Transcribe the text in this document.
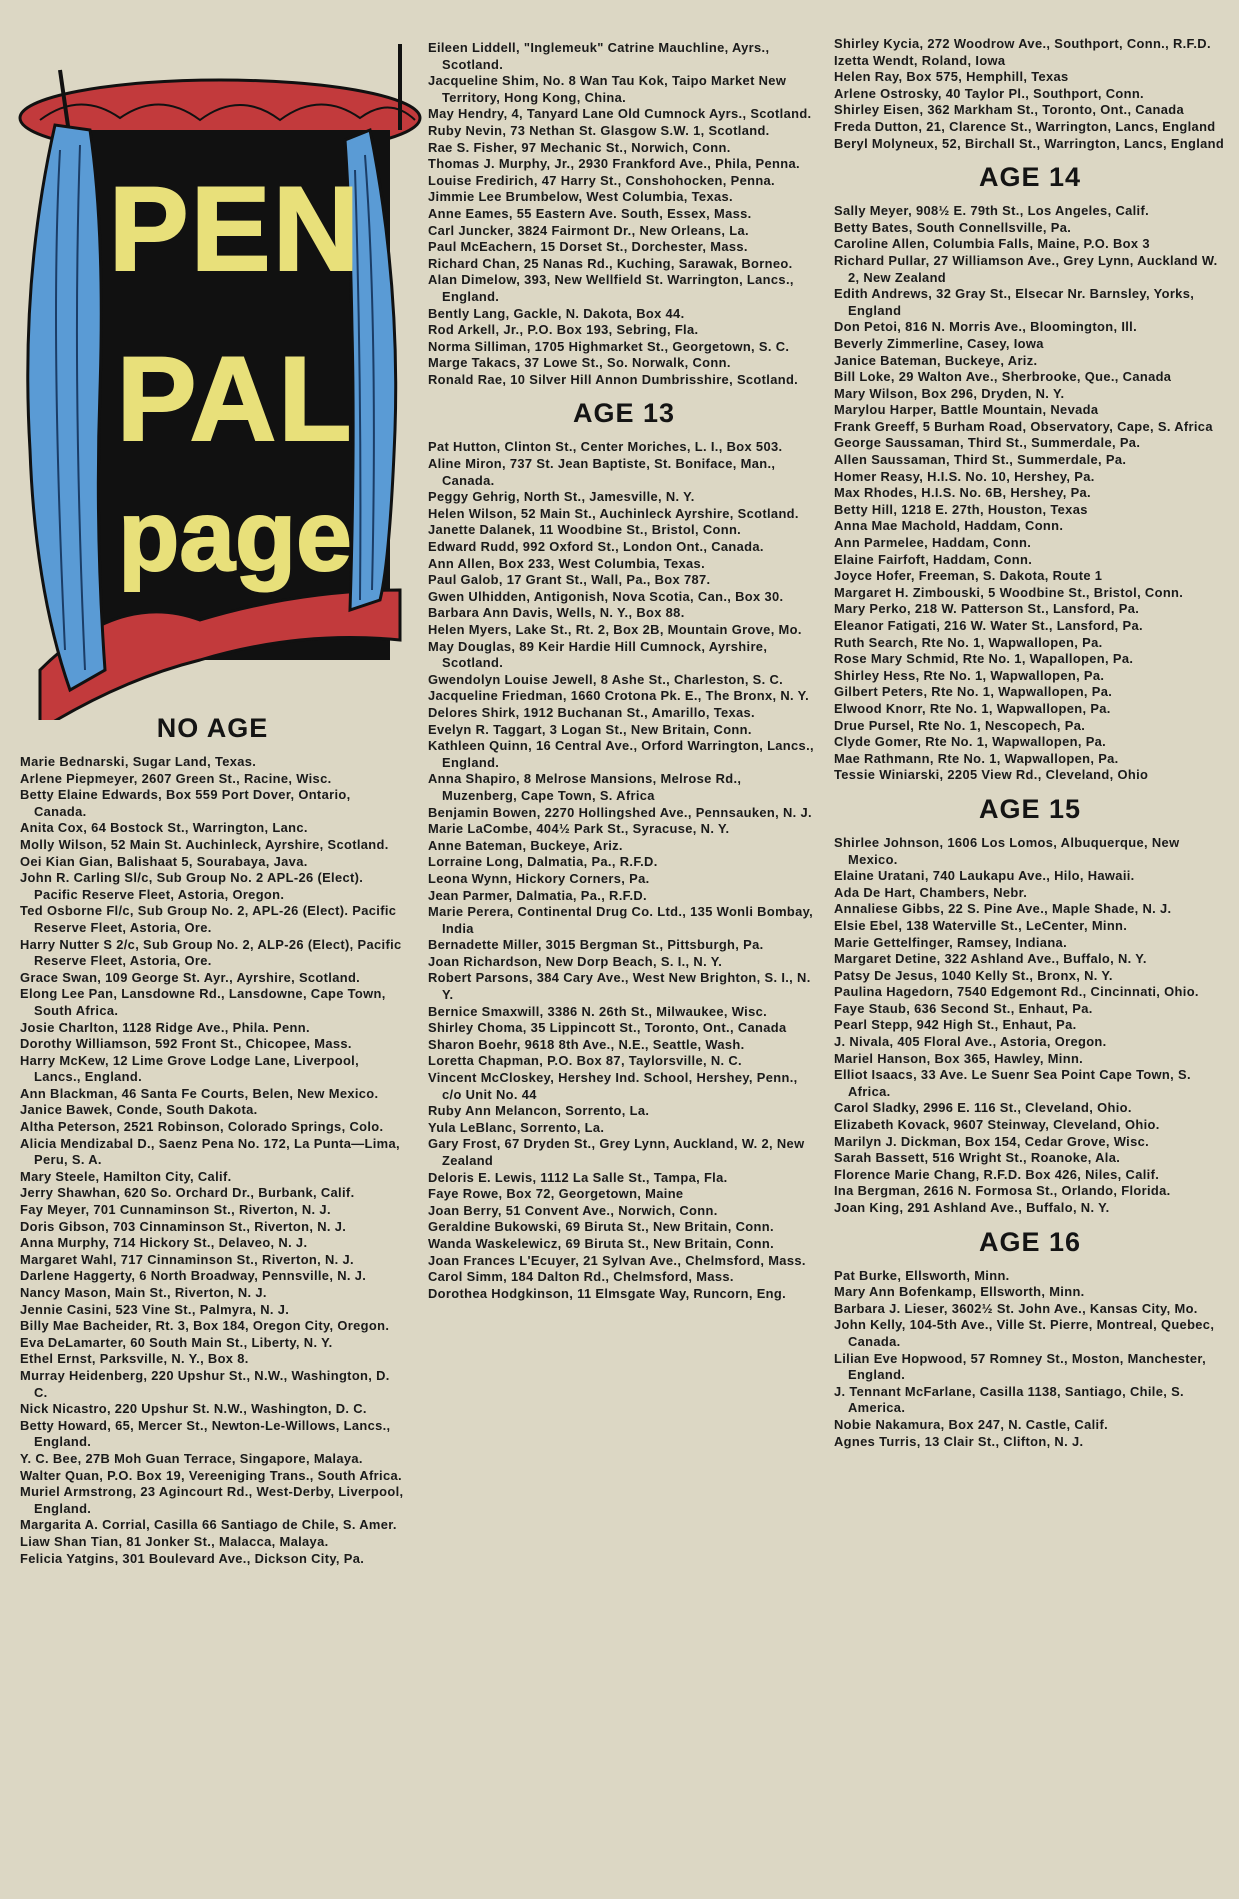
PEN
PAL
page
NO AGE

Marie Bednarski, Sugar Land, Texas.

Arlene Piepmeyer, 2607 Green St., Racine, Wisc.

Betty Elaine Edwards, Box 559 Port Dover, Ontario, Canada.

Anita Cox, 64 Bostock St., Warrington, Lanc.

Molly Wilson, 52 Main St. Auchinleck, Ayrshire, Scotland.

Oei Kian Gian, Balishaat 5, Sourabaya, Java.

John R. Carling Sl/c, Sub Group No. 2 APL-26 (Elect). Pacific Reserve Fleet, Astoria, Oregon.

Ted Osborne Fl/c, Sub Group No. 2, APL-26 (Elect). Pacific Reserve Fleet, Astoria, Ore.

Harry Nutter S 2/c, Sub Group No. 2, ALP-26 (Elect), Pacific Reserve Fleet, Astoria, Ore.

Grace Swan, 109 George St. Ayr., Ayrshire, Scotland.

Elong Lee Pan, Lansdowne Rd., Lansdowne, Cape Town, South Africa.

Josie Charlton, 1128 Ridge Ave., Phila. Penn.

Dorothy Williamson, 592 Front St., Chicopee, Mass.

Harry McKew, 12 Lime Grove Lodge Lane, Liverpool, Lancs., England.

Ann Blackman, 46 Santa Fe Courts, Belen, New Mexico.

Janice Bawek, Conde, South Dakota.

Altha Peterson, 2521 Robinson, Colorado Springs, Colo.

Alicia Mendizabal D., Saenz Pena No. 172, La Punta—Lima, Peru, S. A.

Mary Steele, Hamilton City, Calif.

Jerry Shawhan, 620 So. Orchard Dr., Burbank, Calif.

Fay Meyer, 701 Cunnaminson St., Riverton, N. J.

Doris Gibson, 703 Cinnaminson St., Riverton, N. J.

Anna Murphy, 714 Hickory St., Delaveo, N. J.

Margaret Wahl, 717 Cinnaminson St., Riverton, N. J.

Darlene Haggerty, 6 North Broadway, Pennsville, N. J.

Nancy Mason, Main St., Riverton, N. J.

Jennie Casini, 523 Vine St., Palmyra, N. J.

Billy Mae Bacheider, Rt. 3, Box 184, Oregon City, Oregon.

Eva DeLamarter, 60 South Main St., Liberty, N. Y.

Ethel Ernst, Parksville, N. Y., Box 8.

Murray Heidenberg, 220 Upshur St., N.W., Washington, D. C.

Nick Nicastro, 220 Upshur St. N.W., Washington, D. C.

Betty Howard, 65, Mercer St., Newton-Le-Willows, Lancs., England.

Y. C. Bee, 27B Moh Guan Terrace, Singapore, Malaya.

Walter Quan, P.O. Box 19, Vereeniging Trans., South Africa.

Muriel Armstrong, 23 Agincourt Rd., West-Derby, Liverpool, England.

Margarita A. Corrial, Casilla 66 Santiago de Chile, S. Amer.

Liaw Shan Tian, 81 Jonker St., Malacca, Malaya.

Felicia Yatgins, 301 Boulevard Ave., Dickson City, Pa.

Eileen Liddell, "Inglemeuk" Catrine Mauchline, Ayrs., Scotland.

Jacqueline Shim, No. 8 Wan Tau Kok, Taipo Market New Territory, Hong Kong, China.

May Hendry, 4, Tanyard Lane Old Cumnock Ayrs., Scotland.

Ruby Nevin, 73 Nethan St. Glasgow S.W. 1, Scotland.

Rae S. Fisher, 97 Mechanic St., Norwich, Conn.

Thomas J. Murphy, Jr., 2930 Frankford Ave., Phila, Penna.

Louise Fredirich, 47 Harry St., Conshohocken, Penna.

Jimmie Lee Brumbelow, West Columbia, Texas.

Anne Eames, 55 Eastern Ave. South, Essex, Mass.

Carl Juncker, 3824 Fairmont Dr., New Orleans, La.

Paul McEachern, 15 Dorset St., Dorchester, Mass.

Richard Chan, 25 Nanas Rd., Kuching, Sarawak, Borneo.

Alan Dimelow, 393, New Wellfield St. Warrington, Lancs., England.

Bently Lang, Gackle, N. Dakota, Box 44.

Rod Arkell, Jr., P.O. Box 193, Sebring, Fla.

Norma Silliman, 1705 Highmarket St., Georgetown, S. C.

Marge Takacs, 37 Lowe St., So. Norwalk, Conn.

Ronald Rae, 10 Silver Hill Annon Dumbrisshire, Scotland.

AGE 13

Pat Hutton, Clinton St., Center Moriches, L. I., Box 503.

Aline Miron, 737 St. Jean Baptiste, St. Boniface, Man., Canada.

Peggy Gehrig, North St., Jamesville, N. Y.

Helen Wilson, 52 Main St., Auchinleck Ayrshire, Scotland.

Janette Dalanek, 11 Woodbine St., Bristol, Conn.

Edward Rudd, 992 Oxford St., London Ont., Canada.

Ann Allen, Box 233, West Columbia, Texas.

Paul Galob, 17 Grant St., Wall, Pa., Box 787.

Gwen Ulhidden, Antigonish, Nova Scotia, Can., Box 30.

Barbara Ann Davis, Wells, N. Y., Box 88.

Helen Myers, Lake St., Rt. 2, Box 2B, Mountain Grove, Mo.

May Douglas, 89 Keir Hardie Hill Cumnock, Ayrshire, Scotland.

Gwendolyn Louise Jewell, 8 Ashe St., Charleston, S. C.

Jacqueline Friedman, 1660 Crotona Pk. E., The Bronx, N. Y.

Delores Shirk, 1912 Buchanan St., Amarillo, Texas.

Evelyn R. Taggart, 3 Logan St., New Britain, Conn.

Kathleen Quinn, 16 Central Ave., Orford Warrington, Lancs., England.

Anna Shapiro, 8 Melrose Mansions, Melrose Rd., Muzenberg, Cape Town, S. Africa

Benjamin Bowen, 2270 Hollingshed Ave., Pennsauken, N. J.

Marie LaCombe, 404½ Park St., Syracuse, N. Y.

Anne Bateman, Buckeye, Ariz.

Lorraine Long, Dalmatia, Pa., R.F.D.

Leona Wynn, Hickory Corners, Pa.

Jean Parmer, Dalmatia, Pa., R.F.D.

Marie Perera, Continental Drug Co. Ltd., 135 Wonli Bombay, India

Bernadette Miller, 3015 Bergman St., Pittsburgh, Pa.

Joan Richardson, New Dorp Beach, S. I., N. Y.

Robert Parsons, 384 Cary Ave., West New Brighton, S. I., N. Y.

Bernice Smaxwill, 3386 N. 26th St., Milwaukee, Wisc.

Shirley Choma, 35 Lippincott St., Toronto, Ont., Canada

Sharon Boehr, 9618 8th Ave., N.E., Seattle, Wash.

Loretta Chapman, P.O. Box 87, Taylorsville, N. C.

Vincent McCloskey, Hershey Ind. School, Hershey, Penn., c/o Unit No. 44

Ruby Ann Melancon, Sorrento, La.

Yula LeBlanc, Sorrento, La.

Gary Frost, 67 Dryden St., Grey Lynn, Auckland, W. 2, New Zealand

Deloris E. Lewis, 1112 La Salle St., Tampa, Fla.

Faye Rowe, Box 72, Georgetown, Maine

Joan Berry, 51 Convent Ave., Norwich, Conn.

Geraldine Bukowski, 69 Biruta St., New Britain, Conn.

Wanda Waskelewicz, 69 Biruta St., New Britain, Conn.

Joan Frances L'Ecuyer, 21 Sylvan Ave., Chelmsford, Mass.

Carol Simm, 184 Dalton Rd., Chelmsford, Mass.

Dorothea Hodgkinson, 11 Elmsgate Way, Runcorn, Eng.

Shirley Kycia, 272 Woodrow Ave., Southport, Conn., R.F.D.

Izetta Wendt, Roland, Iowa

Helen Ray, Box 575, Hemphill, Texas

Arlene Ostrosky, 40 Taylor Pl., Southport, Conn.

Shirley Eisen, 362 Markham St., Toronto, Ont., Canada

Freda Dutton, 21, Clarence St., Warrington, Lancs, England

Beryl Molyneux, 52, Birchall St., Warrington, Lancs, England

AGE 14

Sally Meyer, 908½ E. 79th St., Los Angeles, Calif.

Betty Bates, South Connellsville, Pa.

Caroline Allen, Columbia Falls, Maine, P.O. Box 3

Richard Pullar, 27 Williamson Ave., Grey Lynn, Auckland W. 2, New Zealand

Edith Andrews, 32 Gray St., Elsecar Nr. Barnsley, Yorks, England

Don Petoi, 816 N. Morris Ave., Bloomington, Ill.

Beverly Zimmerline, Casey, Iowa

Janice Bateman, Buckeye, Ariz.

Bill Loke, 29 Walton Ave., Sherbrooke, Que., Canada

Mary Wilson, Box 296, Dryden, N. Y.

Marylou Harper, Battle Mountain, Nevada

Frank Greeff, 5 Burham Road, Observatory, Cape, S. Africa

George Saussaman, Third St., Summerdale, Pa.

Allen Saussaman, Third St., Summerdale, Pa.

Homer Reasy, H.I.S. No. 10, Hershey, Pa.

Max Rhodes, H.I.S. No. 6B, Hershey, Pa.

Betty Hill, 1218 E. 27th, Houston, Texas

Anna Mae Machold, Haddam, Conn.

Ann Parmelee, Haddam, Conn.

Elaine Fairfoft, Haddam, Conn.

Joyce Hofer, Freeman, S. Dakota, Route 1

Margaret H. Zimbouski, 5 Woodbine St., Bristol, Conn.

Mary Perko, 218 W. Patterson St., Lansford, Pa.

Eleanor Fatigati, 216 W. Water St., Lansford, Pa.

Ruth Search, Rte No. 1, Wapwallopen, Pa.

Rose Mary Schmid, Rte No. 1, Wapallopen, Pa.

Shirley Hess, Rte No. 1, Wapwallopen, Pa.

Gilbert Peters, Rte No. 1, Wapwallopen, Pa.

Elwood Knorr, Rte No. 1, Wapwallopen, Pa.

Drue Pursel, Rte No. 1, Nescopech, Pa.

Clyde Gomer, Rte No. 1, Wapwallopen, Pa.

Mae Rathmann, Rte No. 1, Wapwallopen, Pa.

Tessie Winiarski, 2205 View Rd., Cleveland, Ohio

AGE 15

Shirlee Johnson, 1606 Los Lomos, Albuquerque, New Mexico.

Elaine Uratani, 740 Laukapu Ave., Hilo, Hawaii.

Ada De Hart, Chambers, Nebr.

Annaliese Gibbs, 22 S. Pine Ave., Maple Shade, N. J.

Elsie Ebel, 138 Waterville St., LeCenter, Minn.

Marie Gettelfinger, Ramsey, Indiana.

Margaret Detine, 322 Ashland Ave., Buffalo, N. Y.

Patsy De Jesus, 1040 Kelly St., Bronx, N. Y.

Paulina Hagedorn, 7540 Edgemont Rd., Cincinnati, Ohio.

Faye Staub, 636 Second St., Enhaut, Pa.

Pearl Stepp, 942 High St., Enhaut, Pa.

J. Nivala, 405 Floral Ave., Astoria, Oregon.

Mariel Hanson, Box 365, Hawley, Minn.

Elliot Isaacs, 33 Ave. Le Suenr Sea Point Cape Town, S. Africa.

Carol Sladky, 2996 E. 116 St., Cleveland, Ohio.

Elizabeth Kovack, 9607 Steinway, Cleveland, Ohio.

Marilyn J. Dickman, Box 154, Cedar Grove, Wisc.

Sarah Bassett, 516 Wright St., Roanoke, Ala.

Florence Marie Chang, R.F.D. Box 426, Niles, Calif.

Ina Bergman, 2616 N. Formosa St., Orlando, Florida.

Joan King, 291 Ashland Ave., Buffalo, N. Y.

AGE 16

Pat Burke, Ellsworth, Minn.

Mary Ann Bofenkamp, Ellsworth, Minn.

Barbara J. Lieser, 3602½ St. John Ave., Kansas City, Mo.

John Kelly, 104-5th Ave., Ville St. Pierre, Montreal, Quebec, Canada.

Lilian Eve Hopwood, 57 Romney St., Moston, Manchester, England.

J. Tennant McFarlane, Casilla 1138, Santiago, Chile, S. America.

Nobie Nakamura, Box 247, N. Castle, Calif.

Agnes Turris, 13 Clair St., Clifton, N. J.
